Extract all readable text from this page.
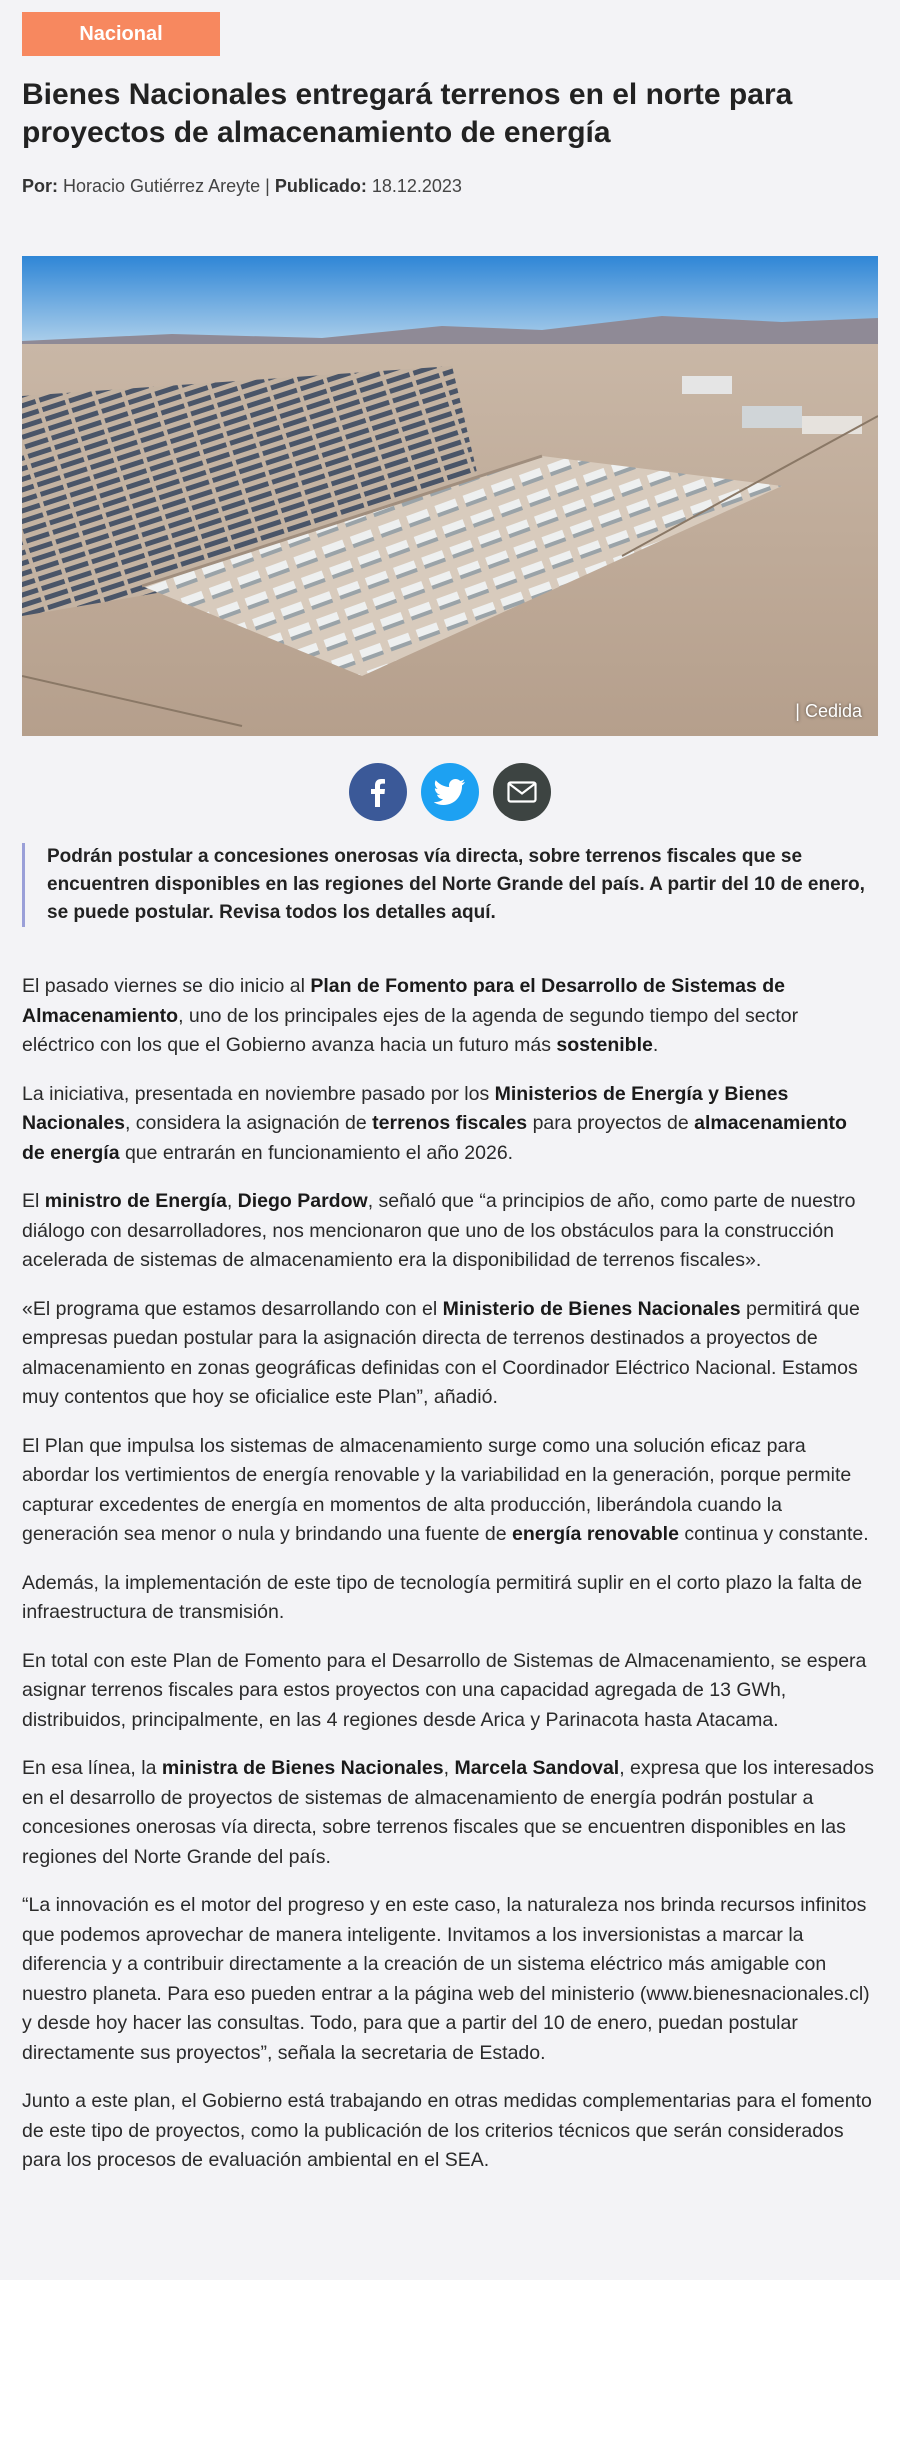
Nacional
Bienes Nacionales entregará terrenos en el norte para proyectos de almacenamiento de energía
Por: Horacio Gutiérrez Areyte | Publicado: 18.12.2023
| Cedida
Podrán postular a concesiones onerosas vía directa, sobre terrenos fiscales que se encuentren disponibles en las regiones del Norte Grande del país. A partir del 10 de enero, se puede postular. Revisa todos los detalles aquí.

El pasado viernes se dio inicio al Plan de Fomento para el Desarrollo de Sistemas de Almacenamiento, uno de los principales ejes de la agenda de segundo tiempo del sector eléctrico con los que el Gobierno avanza hacia un futuro más sostenible.

La iniciativa, presentada en noviembre pasado por los Ministerios de Energía y Bienes Nacionales, considera la asignación de terrenos fiscales para proyectos de almacenamiento de energía que entrarán en funcionamiento el año 2026.

El ministro de Energía, Diego Pardow, señaló que “a principios de año, como parte de nuestro diálogo con desarrolladores, nos mencionaron que uno de los obstáculos para la construcción acelerada de sistemas de almacenamiento era la disponibilidad de terrenos fiscales».

«El programa que estamos desarrollando con el Ministerio de Bienes Nacionales permitirá que empresas puedan postular para la asignación directa de terrenos destinados a proyectos de almacenamiento en zonas geográficas definidas con el Coordinador Eléctrico Nacional. Estamos muy contentos que hoy se oficialice este Plan”, añadió.

El Plan que impulsa los sistemas de almacenamiento surge como una solución eficaz para abordar los vertimientos de energía renovable y la variabilidad en la generación, porque permite capturar excedentes de energía en momentos de alta producción, liberándola cuando la generación sea menor o nula y brindando una fuente de energía renovable continua y constante.

Además, la implementación de este tipo de tecnología permitirá suplir en el corto plazo la falta de infraestructura de transmisión.

En total con este Plan de Fomento para el Desarrollo de Sistemas de Almacenamiento, se espera asignar terrenos fiscales para estos proyectos con una capacidad agregada de 13 GWh, distribuidos, principalmente, en las 4 regiones desde Arica y Parinacota hasta Atacama.

En esa línea, la ministra de Bienes Nacionales, Marcela Sandoval, expresa que los interesados en el desarrollo de proyectos de sistemas de almacenamiento de energía podrán postular a concesiones onerosas vía directa, sobre terrenos fiscales que se encuentren disponibles en las regiones del Norte Grande del país.

“La innovación es el motor del progreso y en este caso, la naturaleza nos brinda recursos infinitos que podemos aprovechar de manera inteligente. Invitamos a los inversionistas a marcar la diferencia y a contribuir directamente a la creación de un sistema eléctrico más amigable con nuestro planeta. Para eso pueden entrar a la página web del ministerio (www.bienesnacionales.cl) y desde hoy hacer las consultas. Todo, para que a partir del 10 de enero, puedan postular directamente sus proyectos”, señala la secretaria de Estado.

Junto a este plan, el Gobierno está trabajando en otras medidas complementarias para el fomento de este tipo de proyectos, como la publicación de los criterios técnicos que serán considerados para los procesos de evaluación ambiental en el SEA.
